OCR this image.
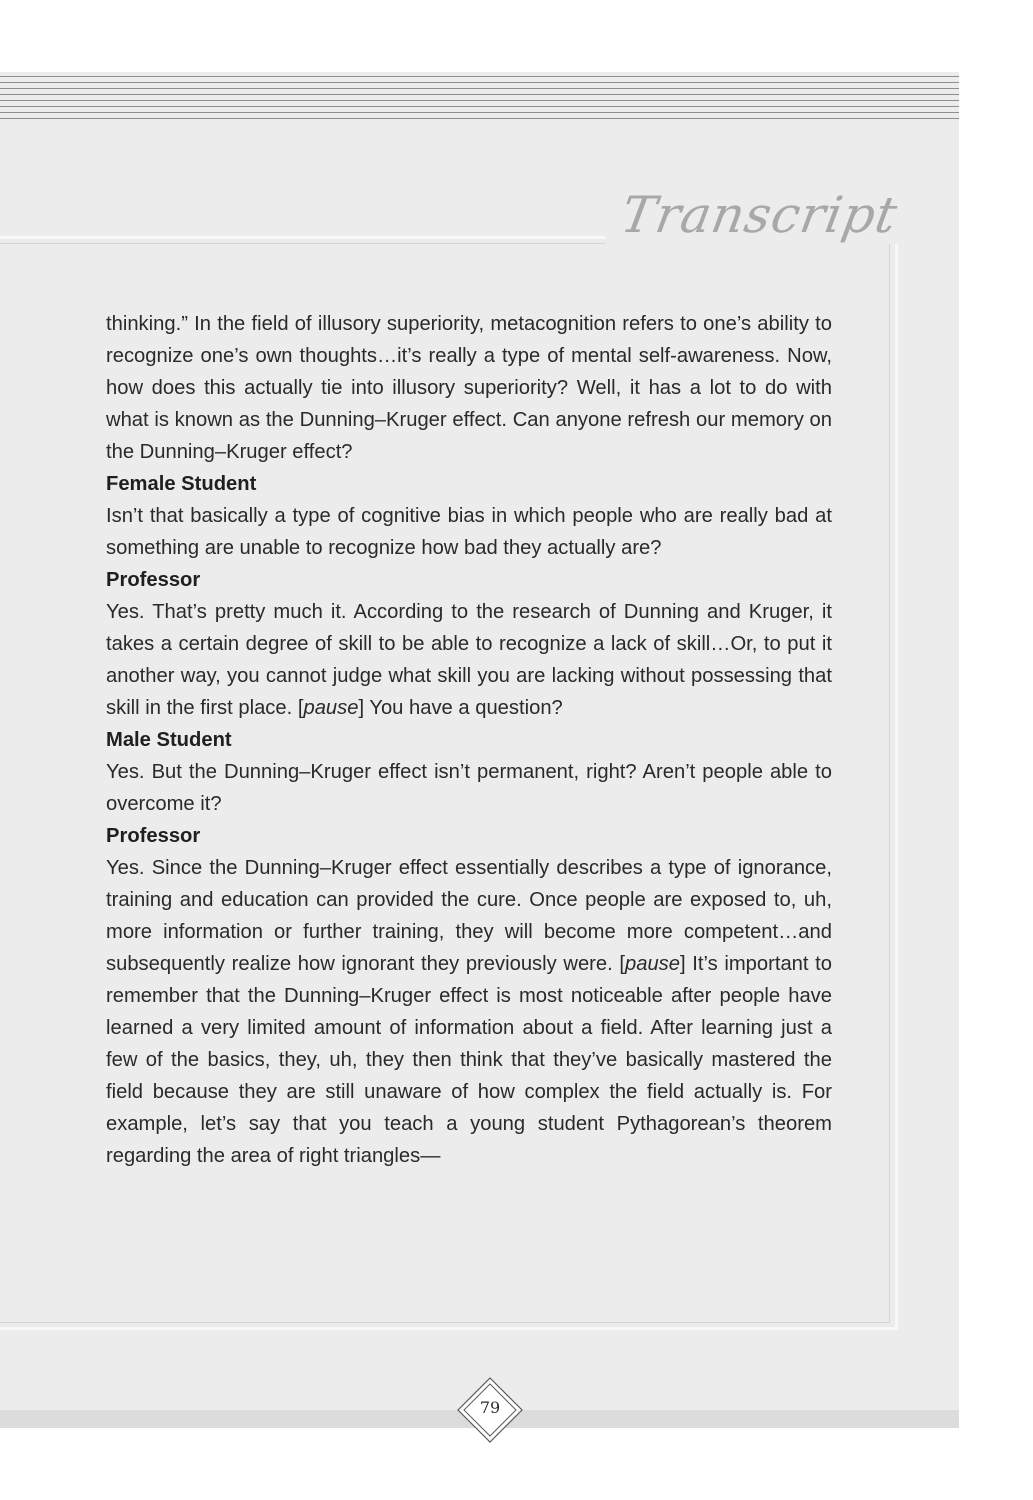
Transcript

thinking.” In the field of illusory superiority, metacognition refers to one’s ability to recognize one’s own thoughts…it’s really a type of mental self-awareness. Now, how does this actually tie into illusory superiority? Well, it has a lot to do with what is known as the Dunning–Kruger effect. Can anyone refresh our memory on the Dunning–Kruger effect?

Female Student

Isn’t that basically a type of cognitive bias in which people who are really bad at something are unable to recognize how bad they actually are?

Professor

Yes. That’s pretty much it. According to the research of Dunning and Kruger, it takes a certain degree of skill to be able to recognize a lack of skill…Or, to put it another way, you cannot judge what skill you are lacking without possessing that skill in the first place. [pause] You have a question?

Male Student

Yes. But the Dunning–Kruger effect isn’t permanent, right? Aren’t people able to overcome it?

Professor

Yes. Since the Dunning–Kruger effect essentially describes a type of ignorance, training and education can provided the cure. Once people are exposed to, uh, more information or further training, they will become more competent…and subsequently realize how ignorant they previously were. [pause] It’s important to remember that the Dunning–Kruger effect is most noticeable after people have learned a very limited amount of information about a field. After learning just a few of the basics, they, uh, they then think that they’ve basically mastered the field because they are still unaware of how complex the field actually is. For example, let’s say that you teach a young student Pythagorean’s theorem regarding the area of right triangles—

79
